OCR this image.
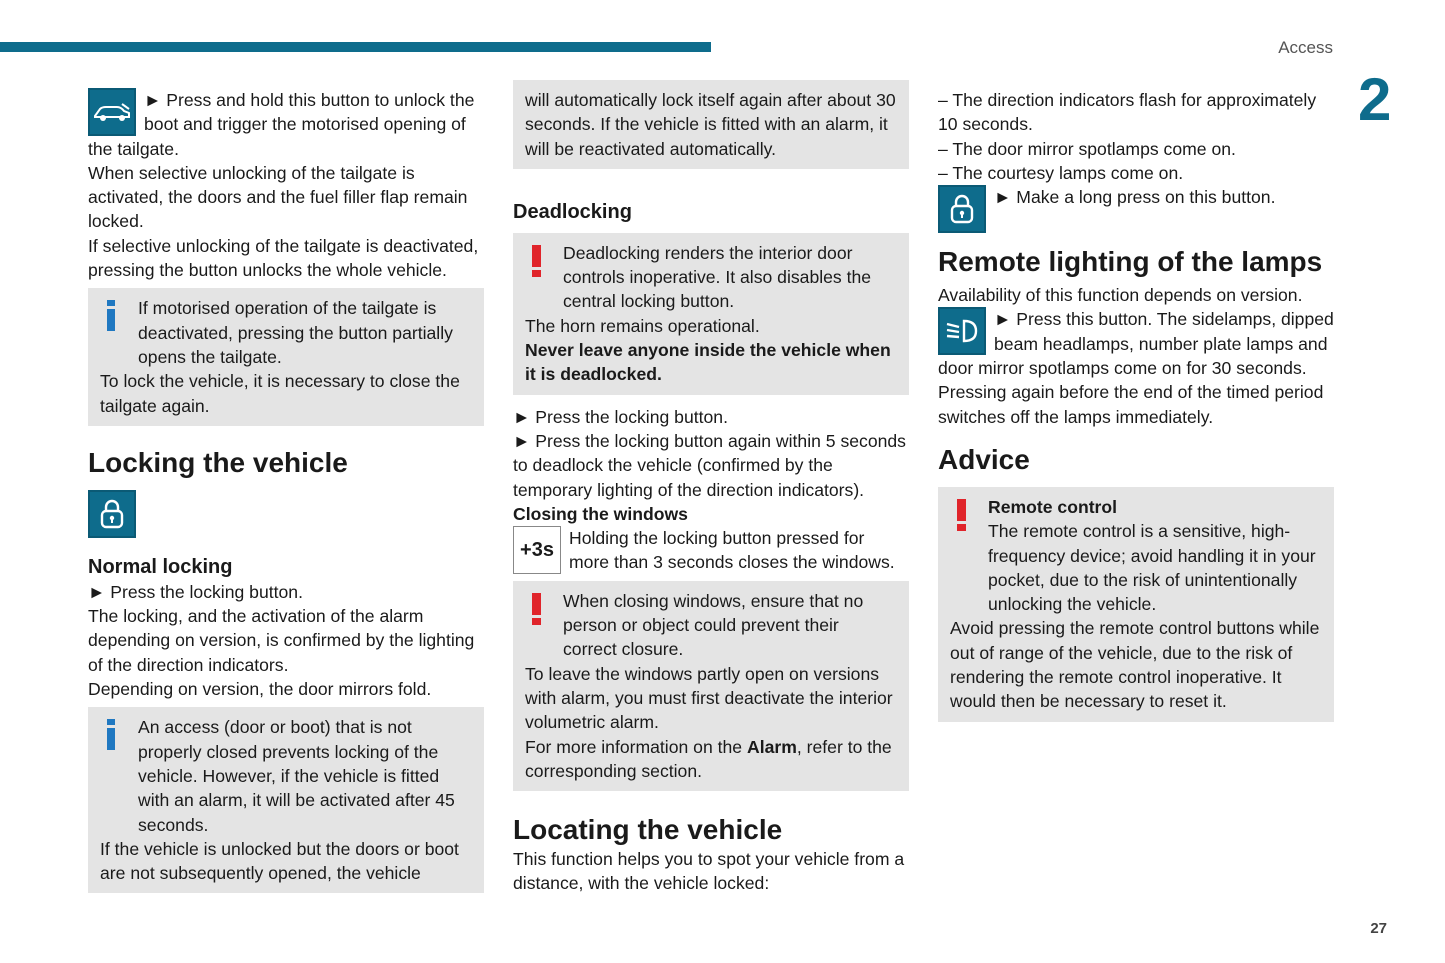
Access
2
27

► Press and hold this button to unlock the boot and trigger the motorised opening of the tailgate.

When selective unlocking of the tailgate is activated, the doors and the fuel filler flap remain locked.

If selective unlocking of the tailgate is deactivated, pressing the button unlocks the whole vehicle.

If motorised operation of the tailgate is deactivated, pressing the button partially opens the tailgate.

To lock the vehicle, it is necessary to close the tailgate again.

Locking the vehicle

Normal locking

► Press the locking button.

The locking, and the activation of the alarm depending on version, is confirmed by the lighting of the direction indicators.

Depending on version, the door mirrors fold.

An access (door or boot) that is not properly closed prevents locking of the vehicle. However, if the vehicle is fitted with an alarm, it will be activated after 45 seconds.

If the vehicle is unlocked but the doors or boot are not subsequently opened, the vehicle

will automatically lock itself again after about 30 seconds. If the vehicle is fitted with an alarm, it will be reactivated automatically.

Deadlocking

Deadlocking renders the interior door controls inoperative. It also disables the central locking button.

The horn remains operational.

Never leave anyone inside the vehicle when it is deadlocked.

► Press the locking button.

► Press the locking button again within 5 seconds to deadlock the vehicle (confirmed by the temporary lighting of the direction indicators).

Closing the windows

+3s

Holding the locking button pressed for more than 3 seconds closes the windows.

When closing windows, ensure that no person or object could prevent their correct closure.

To leave the windows partly open on versions with alarm, you must first deactivate the interior volumetric alarm.

For more information on the Alarm, refer to the corresponding section.

Locating the vehicle

This function helps you to spot your vehicle from a distance, with the vehicle locked:

– The direction indicators flash for approximately 10 seconds.

– The door mirror spotlamps come on.

– The courtesy lamps come on.

► Make a long press on this button.

Remote lighting of the lamps

Availability of this function depends on version.

► Press this button. The sidelamps, dipped beam headlamps, number plate lamps and door mirror spotlamps come on for 30 seconds.

Pressing again before the end of the timed period switches off the lamps immediately.

Advice

Remote control

The remote control is a sensitive, high-frequency device; avoid handling it in your pocket, due to the risk of unintentionally unlocking the vehicle.

Avoid pressing the remote control buttons while out of range of the vehicle, due to the risk of rendering the remote control inoperative. It would then be necessary to reset it.
